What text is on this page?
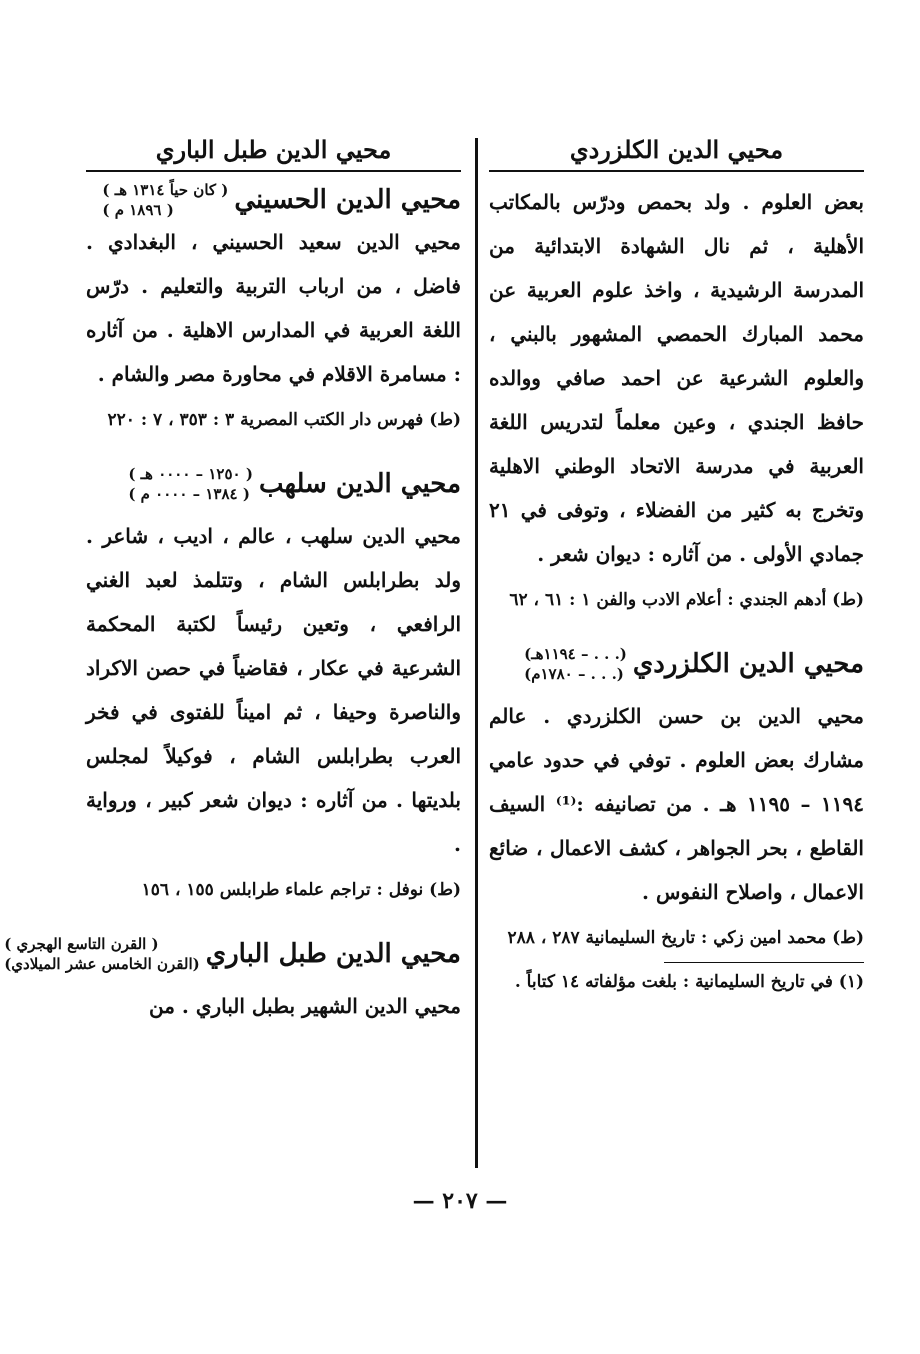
محيي الدين الكلزردي

بعض العلوم . ولد بحمص ودرّس بالمكاتب الأهلية ، ثم نال الشهادة الابتدائية من المدرسة الرشيدية ، واخذ علوم العربية عن محمد المبارك الحمصي المشهور بالبني ، والعلوم الشرعية عن احمد صافي ووالده حافظ الجندي ، وعين معلماً لتدريس اللغة العربية في مدرسة الاتحاد الوطني الاهلية وتخرج به كثير من الفضلاء ، وتوفى في ٢١ جمادي الأولى . من آثاره : ديوان شعر .

(ط) أدهم الجندي : أعلام الادب والفن ١ : ٦١ ، ٦٢

محيي الدين الكلزردي
(. . . – ١١٩٤هـ)
(. . . – ١٧٨٠م)

محيي الدين بن حسن الكلزردي . عالم مشارك بعض العلوم . توفي في حدود عامي ١١٩٤ – ١١٩٥ هـ . من تصانيفه :⁽¹⁾ السيف القاطع ، بحر الجواهر ، كشف الاعمال ، ضائع الاعمال ، واصلاح النفوس .

(ط) محمد امين زكي : تاريخ السليمانية ٢٨٧ ، ٢٨٨

(١) في تاريخ السليمانية : بلغت مؤلفاته ١٤ كتاباً .

محيي الدين طبل الباري
محيي الدين الحسيني
( كان حياً ١٣١٤ هـ )
( ١٨٩٦ م )

محيي الدين سعيد الحسيني ، البغدادي . فاضل ، من ارباب التربية والتعليم . درّس اللغة العربية في المدارس الاهلية . من آثاره : مسامرة الاقلام في محاورة مصر والشام .

(ط) فهرس دار الكتب المصرية ٣ : ٣٥٣ ، ٧ : ٢٢٠

محيي الدين سلهب
( ١٢٥٠ – ٠٠٠٠ هـ )
( ١٣٨٤ – ٠٠٠٠ م )

محيي الدين سلهب ، عالم ، اديب ، شاعر . ولد بطرابلس الشام ، وتتلمذ لعبد الغني الرافعي ، وتعين رئيساً لكتبة المحكمة الشرعية في عكار ، فقاضياً في حصن الاكراد والناصرة وحيفا ، ثم اميناً للفتوى في فخر العرب بطرابلس الشام ، فوكيلاً لمجلس بلديتها . من آثاره : ديوان شعر كبير ، ورواية .

(ط) نوفل : تراجم علماء طرابلس ١٥٥ ، ١٥٦

محيي الدين طبل الباري
( القرن التاسع الهجري )
(القرن الخامس عشر الميلادي)

محيي الدين الشهير بطبل الباري . من

— ٢٠٧ —
